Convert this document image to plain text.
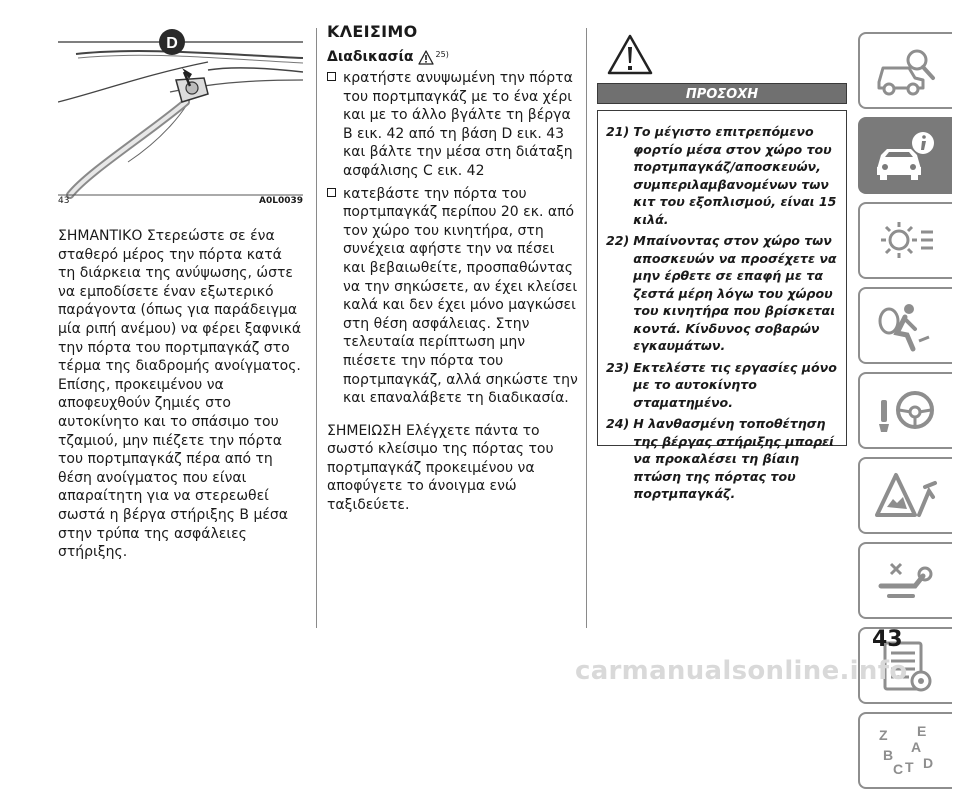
D
43	A0L0039
ΣΗΜΑΝΤΙΚΟ Στερεώστε σε ένα σταθερό μέρος την πόρτα κατά τη διάρκεια της ανύψωσης, ώστε να εμποδίσετε έναν εξωτερικό παράγοντα (όπως για παράδειγμα μία ριπή ανέμου) να φέρει ξαφνικά την πόρτα του πορτμπαγκάζ στο τέρμα της διαδρομής ανοίγματος. Επίσης, προκειμένου να αποφευχθούν ζημιές στο αυτοκίνητο και το σπάσιμο του τζαμιού, μην πιέζετε την πόρτα του πορτμπαγκάζ πέρα από τη θέση ανοίγματος που είναι απαραίτητη για να στερεωθεί σωστά η βέργα στήριξης B μέσα στην τρύπα της ασφάλειες στήριξης.
ΚΛΕΙΣΙΜΟ
Διαδικασία	25)
κρατήστε ανυψωμένη την πόρτα του πορτμπαγκάζ με το ένα χέρι και με το άλλο βγάλτε τη βέργα B εικ. 42 από τη βάση D εικ. 43 και βάλτε την μέσα στη διάταξη ασφάλισης C εικ. 42
κατεβάστε την πόρτα του πορτμπαγκάζ περίπου 20 εκ. από τον χώρο του κινητήρα, στη συνέχεια αφήστε την να πέσει και βεβαιωθείτε, προσπαθώντας να την σηκώσετε, αν έχει κλείσει καλά και δεν έχει μόνο μαγκώσει στη θέση ασφάλειας. Στην τελευταία περίπτωση μην πιέσετε την πόρτα του πορτμπαγκάζ, αλλά σηκώστε την και επαναλάβετε τη διαδικασία.
ΣΗΜΕΙΩΣΗ Ελέγχετε πάντα το σωστό κλείσιμο της πόρτας του πορτμπαγκάζ προκειμένου να αποφύγετε το άνοιγμα ενώ ταξιδεύετε.
ΠΡΟΣΟΧΗ
21) Το μέγιστο επιτρεπόμενο φορτίο μέσα στον χώρο του πορτμπαγκάζ/αποσκευών, συμπεριλαμβανομένων των κιτ του εξοπλισμού, είναι 15 κιλά.
22) Μπαίνοντας στον χώρο των αποσκευών να προσέχετε να μην έρθετε σε επαφή με τα ζεστά μέρη λόγω του χώρου του κινητήρα που βρίσκεται κοντά. Κίνδυνος σοβαρών εγκαυμάτων.
23) Εκτελέστε τις εργασίες μόνο με το αυτοκίνητο σταματημένο.
24) Η λανθασμένη τοποθέτηση της βέργας στήριξης μπορεί να προκαλέσει τη βίαιη πτώση της πόρτας του πορτμπαγκάζ.
Z E
B A
C T D
43
carmanualsonline.info
